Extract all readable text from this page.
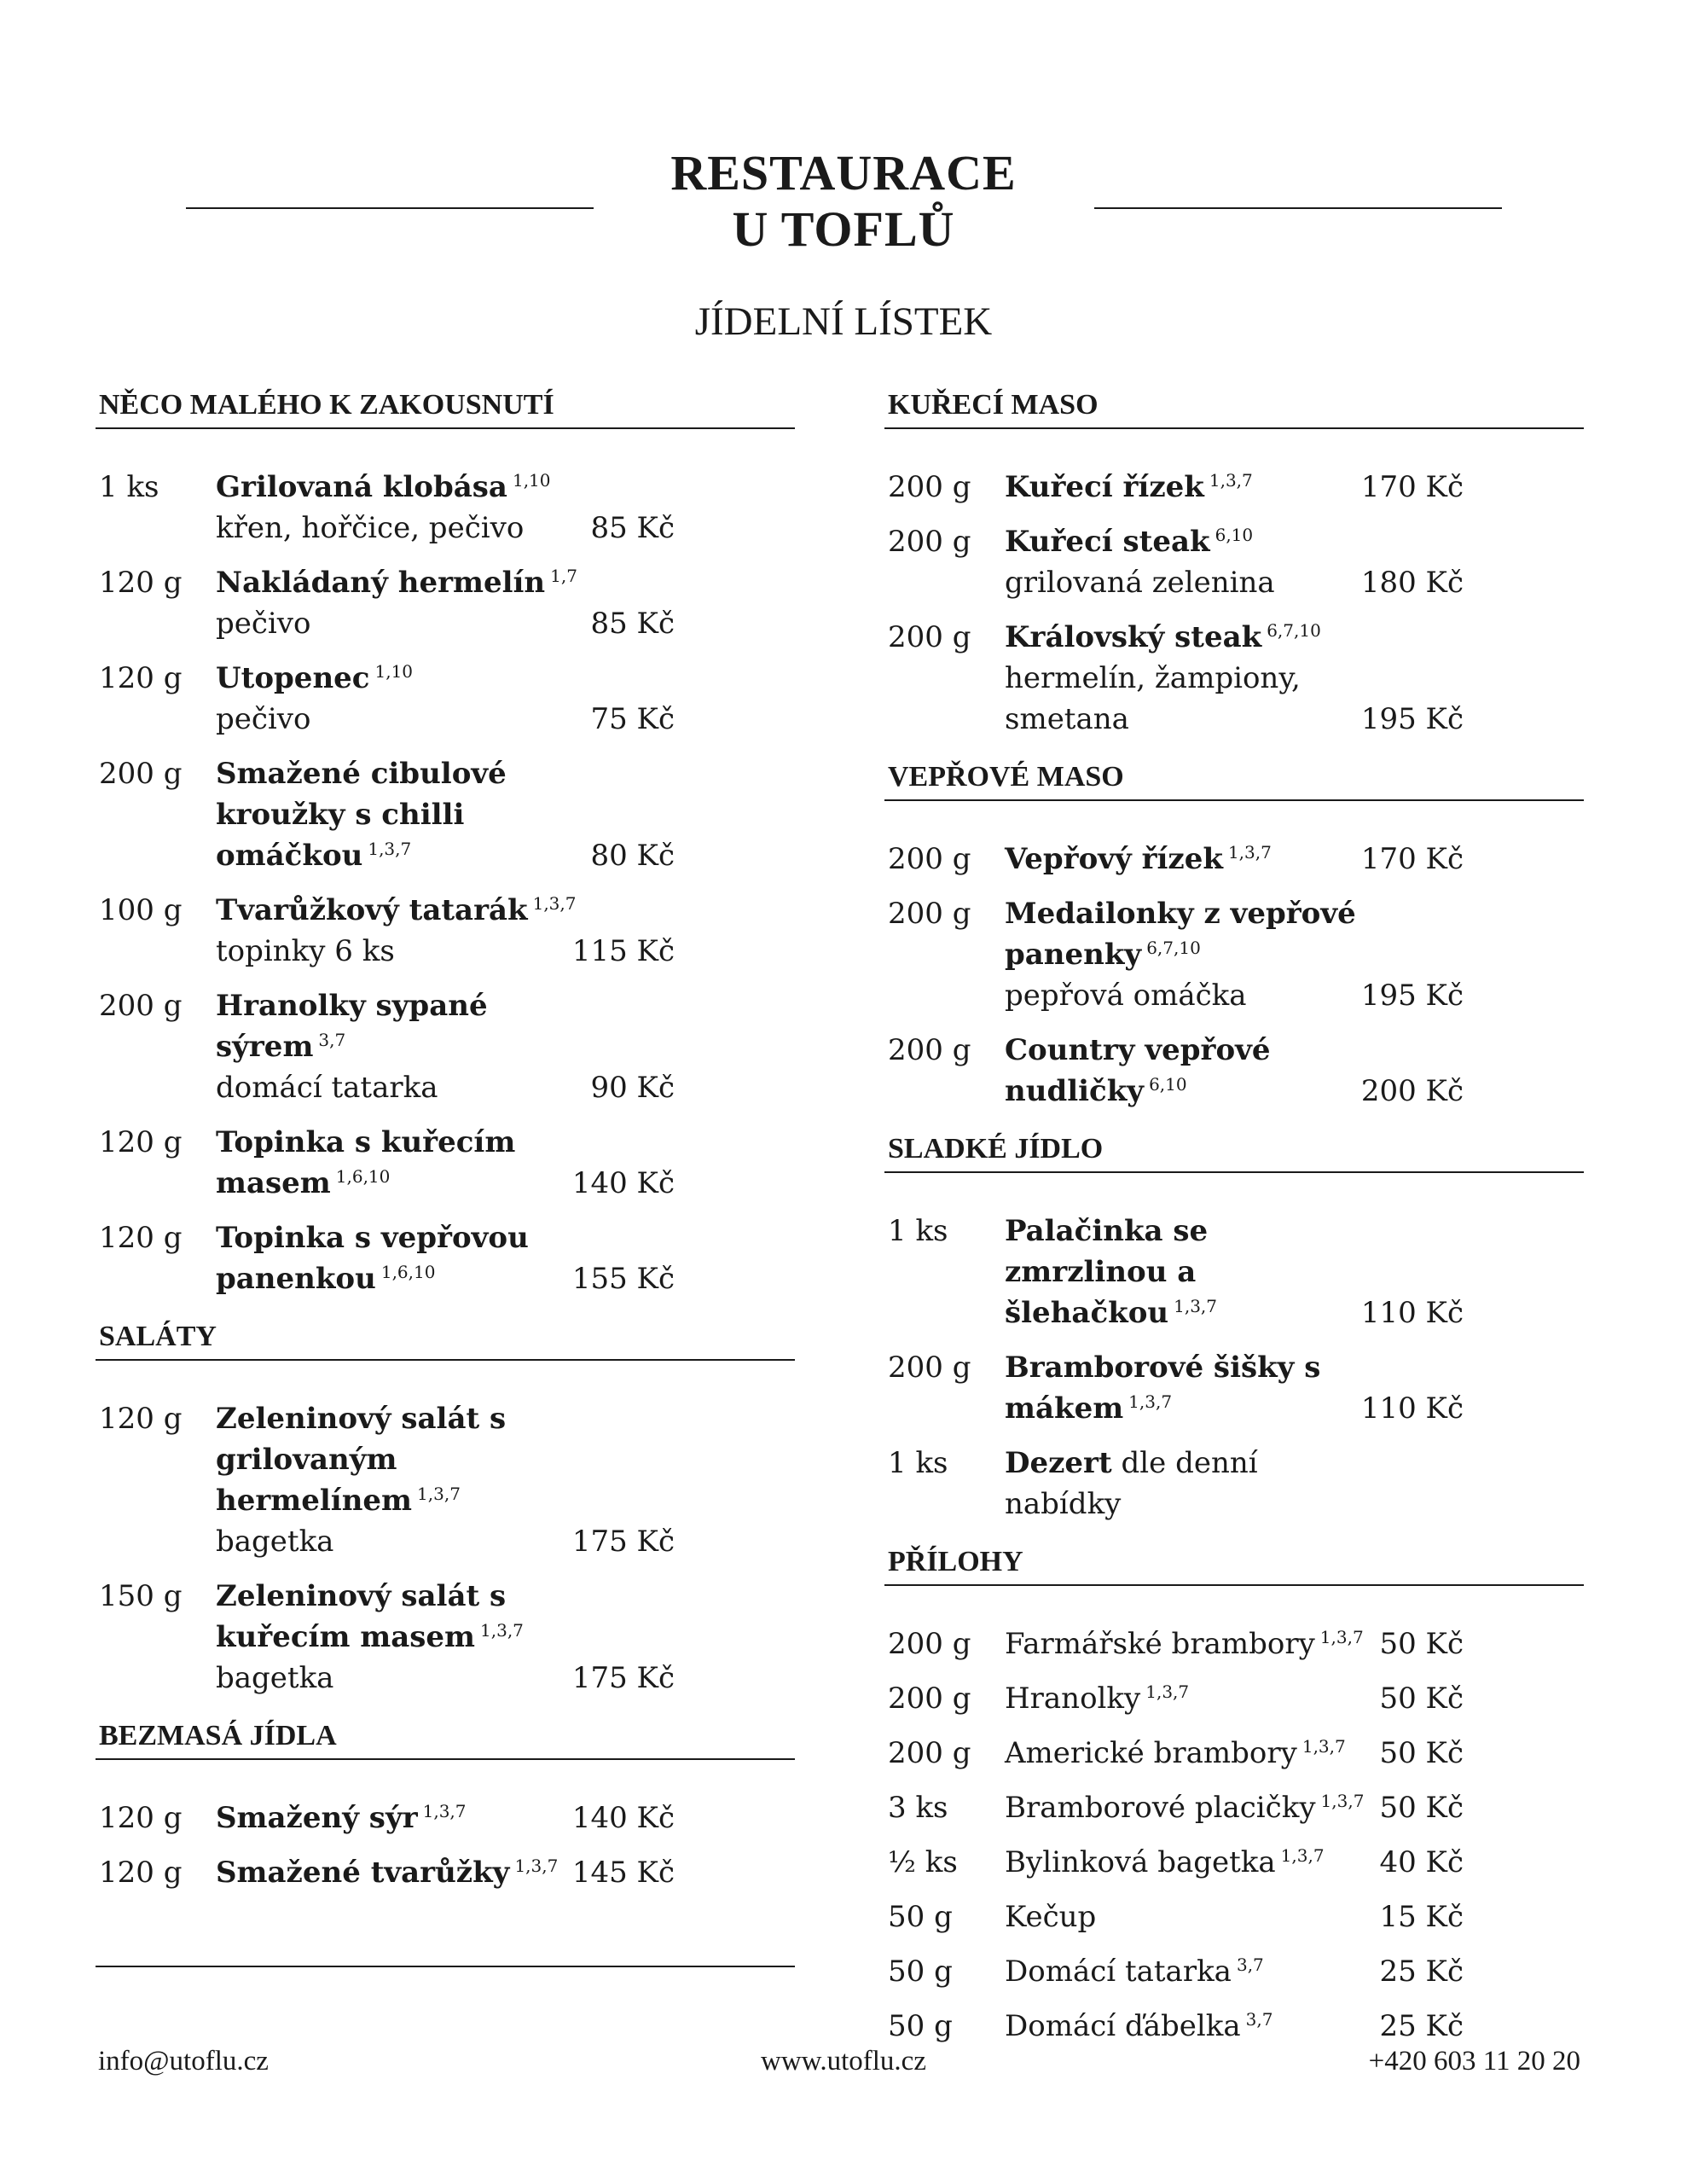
RESTAURACE
U TOFLŮ
JÍDELNÍ LÍSTEK
NĚCO MALÉHO K ZAKOUSNUTÍ
1 ks Grilovaná klobása $^{1,10}$
křen, hořčice, pečivo	85 Kč
120 g Nakládaný hermelín $^{1,7}$
pečivo	85 Kč
120 g Utopenec $^{1,10}$
pečivo	75 Kč
200 g Smažené cibulové kroužky s chilli omáčkou $^{1,3,7}$	80 Kč
100 g Tvarůžkový tatarák $^{1,3,7}$
topinky 6 ks	115 Kč
200 g Hranolky sypané sýrem $^{3,7}$
domácí tatarka	90 Kč
120 g Topinka s kuřecím masem $^{1,6,10}$	140 Kč
120 g Topinka s vepřovou panenkou $^{1,6,10}$	155 Kč
SALÁTY
120 g Zeleninový salát s grilovaným hermelínem $^{1,3,7}$
bagetka	175 Kč
150 g Zeleninový salát s kuřecím masem $^{1,3,7}$
bagetka	175 Kč
BEZMASÁ JÍDLA
120 g Smažený sýr $^{1,3,7}$	140 Kč
120 g Smažené tvarůžky $^{1,3,7}$ 145 Kč
KUŘECÍ MASO
200 g Kuřecí řízek $^{1,3,7}$	170 Kč
200 g Kuřecí steak $^{6,10}$
grilovaná zelenina	180 Kč
200 g Královský steak $^{6,7,10}$
hermelín, žampiony, smetana	195 Kč
VEPŘOVÉ MASO
200 g Vepřový řízek $^{1,3,7}$	170 Kč
200 g Medailonky z vepřové panenky $^{6,7,10}$
pepřová omáčka	195 Kč
200 g Country vepřové nudličky $^{6,10}$	200 Kč
SLADKÉ JÍDLO
1 ks Palačinka se zmrzlinou a šlehačkou $^{1,3,7}$	110 Kč
200 g Bramborové šišky s mákem $^{1,3,7}$	110 Kč
1 ks Dezert dle denní nabídky
PŘÍLOHY
200 g Farmářské brambory $^{1,3,7}$ 50 Kč
200 g Hranolky $^{1,3,7}$	50 Kč
200 g Americké brambory $^{1,3,7}$	50 Kč
3 ks Bramborové placičky $^{1,3,7}$ 50 Kč
½ ks Bylinková bagetka $^{1,3,7}$	40 Kč
50 g Kečup	15 Kč
50 g Domácí tatarka $^{3,7}$	25 Kč
50 g Domácí ďábelka $^{3,7}$	25 Kč
info@utoflu.cz	www.utoflu.cz	+420 603 11 20 20
